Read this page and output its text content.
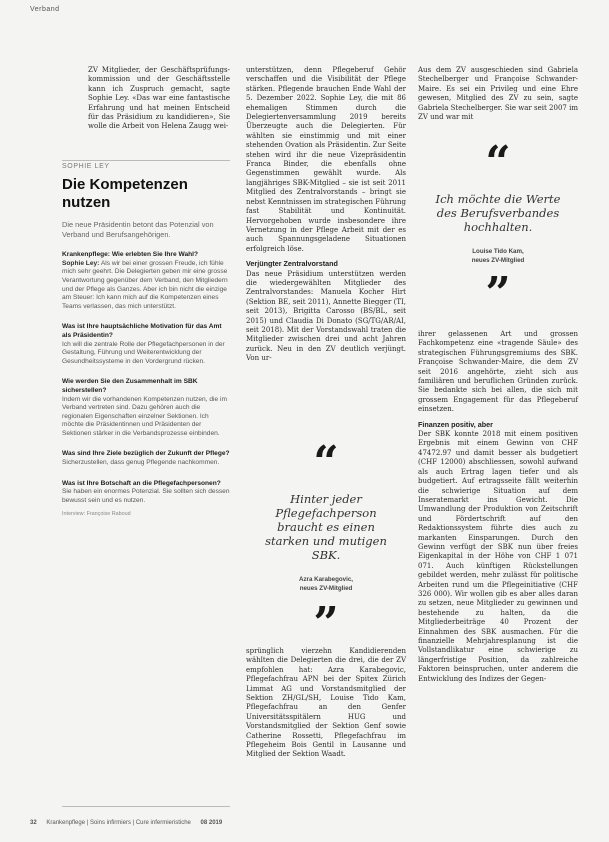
Verband

ZV Mitglieder, der Geschäftsprüfungs-kommission und der Geschäftsstelle kann ich Zuspruch gemacht, sagte Sophie Ley. «Das war eine fantastische Erfahrung und hat meinen Entscheid für das Präsidium zu kandidieren», Sie wolle die Arbeit von Helena Zaugg wei-

SOPHIE LEY
Die Kompetenzen nutzen
Die neue Präsidentin betont das Potenzial von Verband und Berufsangehörigen.

Krankenpflege: Wie erlebten Sie Ihre Wahl?

Sophie Ley: Als wir bei einer grossen Freude, ich fühle mich sehr geehrt. Die Delegierten geben mir eine grosse Verantwortung gegenüber dem Verband, den Mitgliedern und der Pflege als Ganzes. Aber ich bin nicht die einzige am Steuer: Ich kann mich auf die Kompetenzen eines Teams verlassen, das mich unterstützt.

Was ist Ihre hauptsächliche Motivation für das Amt als Präsidentin?

Ich will die zentrale Rolle der Pflegefachpersonen in der Gestaltung, Führung und Weiterentwicklung der Gesundheitssysteme in den Vordergrund rücken.

Wie werden Sie den Zusammenhalt im SBK sicherstellen?

Indem wir die vorhandenen Kompetenzen nutzen, die im Verband vertreten sind. Dazu gehören auch die regionalen Eigenschaften einzelner Sektionen. Ich möchte die Präsidentinnen und Präsidenten der Sektionen stärker in die Verbandsprozesse einbinden.

Was sind Ihre Ziele bezüglich der Zukunft der Pflege?

Sicherzustellen, dass genug Pflegende nachkommen.

Was ist Ihre Botschaft an die Pflegefachpersonen?

Sie haben ein enormes Potenzial. Sie sollten sich dessen bewusst sein und es nutzen.

Interview: Françoise Raboud

unterstützen, denn Pflegeberuf Gehör verschaffen und die Visibilität der Pflege stärken. Pflegende brauchen Ende Wahl der 5. Dezember 2022. Sophie Ley, die mit 86 ehemaligen Stimmen durch die Delegiertenversammlung 2019 bereits Überzeugte auch die Delegierten. Für wählten sie einstimmig und mit einer stehenden Ovation als Präsidentin. Zur Seite stehen wird ihr die neue Vizepräsidentin Franca Binder, die ebenfalls ohne Gegenstimmen gewählt wurde. Als langjähriges SBK-Mitglied – sie ist seit 2011 Mitglied des Zentralvorstands – bringt sie nebst Kenntnissen im strategischen Führung fast Stabilität und Kontinuität. Hervorgehoben wurde insbesondere ihre Vernetzung in der Pflege Arbeit mit der es auch Spannungsgeladene Situationen erfolgreich löse.

Verjüngter Zentralvorstand

Das neue Präsidium unterstützen werden die wiedergewählten Mitglieder des Zentralvorstandes: Manuela Kocher Hirt (Sektion BE, seit 2011), Annette Biegger (TI, seit 2013), Brigitta Carosso (BS/BL, seit 2015) und Claudia Di Donato (SG/TG/AR/AI, seit 2018). Mit der Vorstandswahl traten die Mitglieder zwischen drei und acht Jahren zurück. Neu in den ZV deutlich verjüngt. Von ur-

“
Hinter jeder Pflegefachperson braucht es einen starken und mutigen SBK.
Azra Karabegovic,
neues ZV-Mitglied
”

sprünglich vierzehn Kandidierenden wählten die Delegierten die drei, die der ZV empfohlen hat: Azra Karabegovic, Pflegefachfrau APN bei der Spitex Zürich Limmat AG und Vorstandsmitglied der Sektion ZH/GL/SH, Louise Tido Kam, Pflegefachfrau an den Genfer Universitätsspitälern HUG und Vorstandsmitglied der Sektion Genf sowie Catherine Rossetti, Pflegefachfrau im Pflegeheim Bois Gentil in Lausanne und Mitglied der Sektion Waadt.

Aus dem ZV ausgeschieden sind Gabriela Stechelberger und Françoise Schwander-Maire. Es sei ein Privileg und eine Ehre gewesen, Mitglied des ZV zu sein, sagte Gabriela Stechelberger. Sie war seit 2007 im ZV und war mit

“
Ich möchte die Werte des Berufsverbandes hochhalten.
Louise Tido Kam,
neues ZV-Mitglied
”

ihrer gelassenen Art und grossen Fachkompetenz eine «tragende Säule» des strategischen Führungsgremiums des SBK. Françoise Schwander-Maire, die dem ZV seit 2016 angehörte, zieht sich aus familiären und beruflichen Gründen zurück. Sie bedankte sich bei allen, die sich mit grossem Engagement für das Pflegeberuf einsetzen.

Finanzen positiv, aber

Der SBK konnte 2018 mit einem positiven Ergebnis mit einem Gewinn von CHF 47472.97 und damit besser als budgetiert (CHF 12000) abschliessen, sowohl aufwand als auch Ertrag lagen tiefer und als budgetiert. Auf ertragsseite fällt weiterhin die schwierige Situation auf dem Inseratemarkt ins Gewicht. Die Umwandlung der Produktion von Zeitschrift und Fördertschrift auf den Redaktionssystem führte dies auch zu markanten Einsparungen. Durch den Gewinn verfügt der SBK nun über freies Eigenkapital in der Höhe von CHF 1 071 071. Auch künftigen Rückstellungen gebildet werden, mehr zulässt für politische Arbeiten rund um die Pflegeinitiative (CHF 326 000). Wir wollen gib es aber alles daran zu setzen, neue Mitglieder zu gewinnen und bestehende zu halten, da die Mitgliederbeiträge 40 Prozent der Einnahmen des SBK ausmachen. Für die finanzielle Mehrjahresplanung ist die Vollstandlikatur eine schwierige zu längerfristige Position, da zahlreiche Faktoren beinspruchen, unter anderem die Entwicklung des Indizes der Gegen-

32 Krankenpflege | Soins infirmiers | Cure infermieristiche 08 2019
